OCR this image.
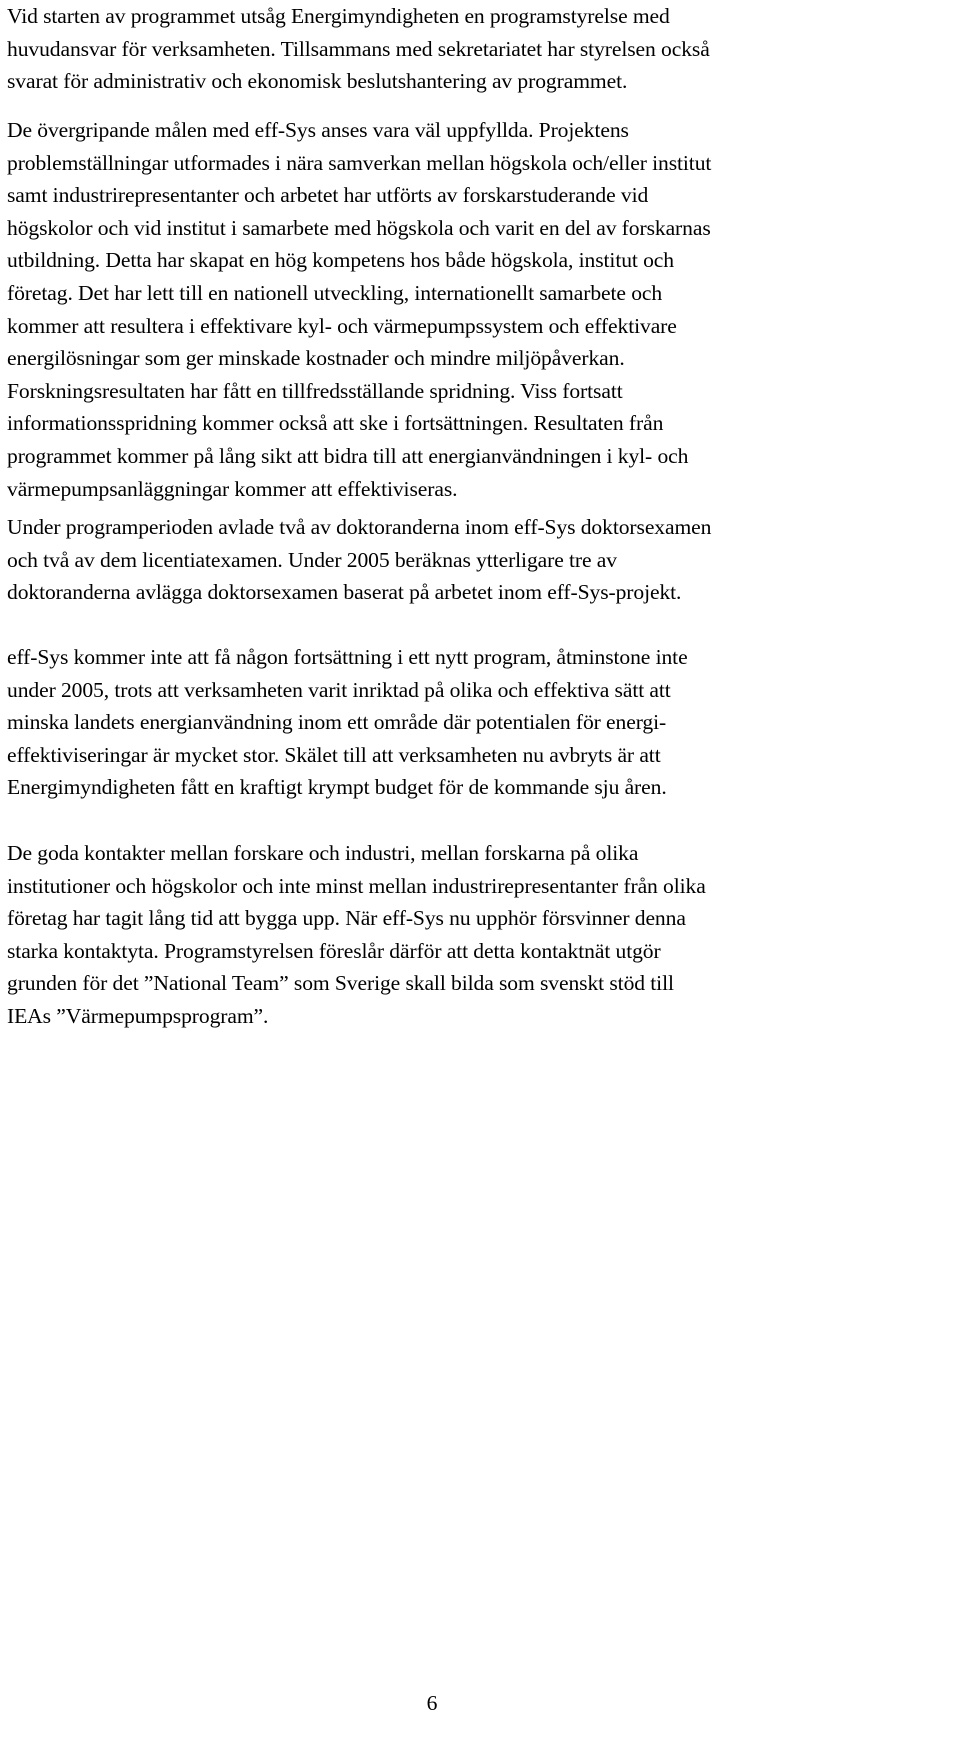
Vid starten av programmet utsåg Energimyndigheten en programstyrelse med
huvudansvar för verksamheten. Tillsammans med sekretariatet har styrelsen också
svarat för administrativ och ekonomisk beslutshantering av programmet.
De övergripande målen med eff-Sys anses vara väl uppfyllda. Projektens
problemställningar utformades i nära samverkan mellan högskola och/eller institut
samt industrirepresentanter och arbetet har utförts av forskarstuderande vid
högskolor och vid institut i samarbete med högskola och varit en del av forskarnas
utbildning. Detta har skapat en hög kompetens hos både högskola, institut och
företag. Det har lett till en nationell utveckling, internationellt samarbete och
kommer att resultera i effektivare kyl- och värmepumpssystem och effektivare
energilösningar som ger minskade kostnader och mindre miljöpåverkan.
Forskningsresultaten har fått en tillfredsställande spridning. Viss fortsatt
informationsspridning kommer också att ske i fortsättningen. Resultaten från
programmet kommer på lång sikt att bidra till att energianvändningen i kyl- och
värmepumpsanläggningar kommer att effektiviseras.
Under programperioden avlade två av doktoranderna inom eff-Sys doktorsexamen
och två av dem licentiatexamen. Under 2005 beräknas ytterligare tre av
doktoranderna avlägga doktorsexamen baserat på arbetet inom eff-Sys-projekt.
eff-Sys kommer inte att få någon fortsättning i ett nytt program, åtminstone inte
under 2005, trots att verksamheten varit inriktad på olika och effektiva sätt att
minska landets energianvändning inom ett område där potentialen för energi-
effektiviseringar är mycket stor. Skälet till att verksamheten nu avbryts är att
Energimyndigheten fått en kraftigt krympt budget för de kommande sju åren.
De goda kontakter mellan forskare och industri, mellan forskarna på olika
institutioner och högskolor och inte minst mellan industrirepresentanter från olika
företag har tagit lång tid att bygga upp. När eff-Sys nu upphör försvinner denna
starka kontaktyta. Programstyrelsen föreslår därför att detta kontaktnät utgör
grunden för det ”National Team” som Sverige skall bilda som svenskt stöd till
IEAs ”Värmepumpsprogram”.
6
